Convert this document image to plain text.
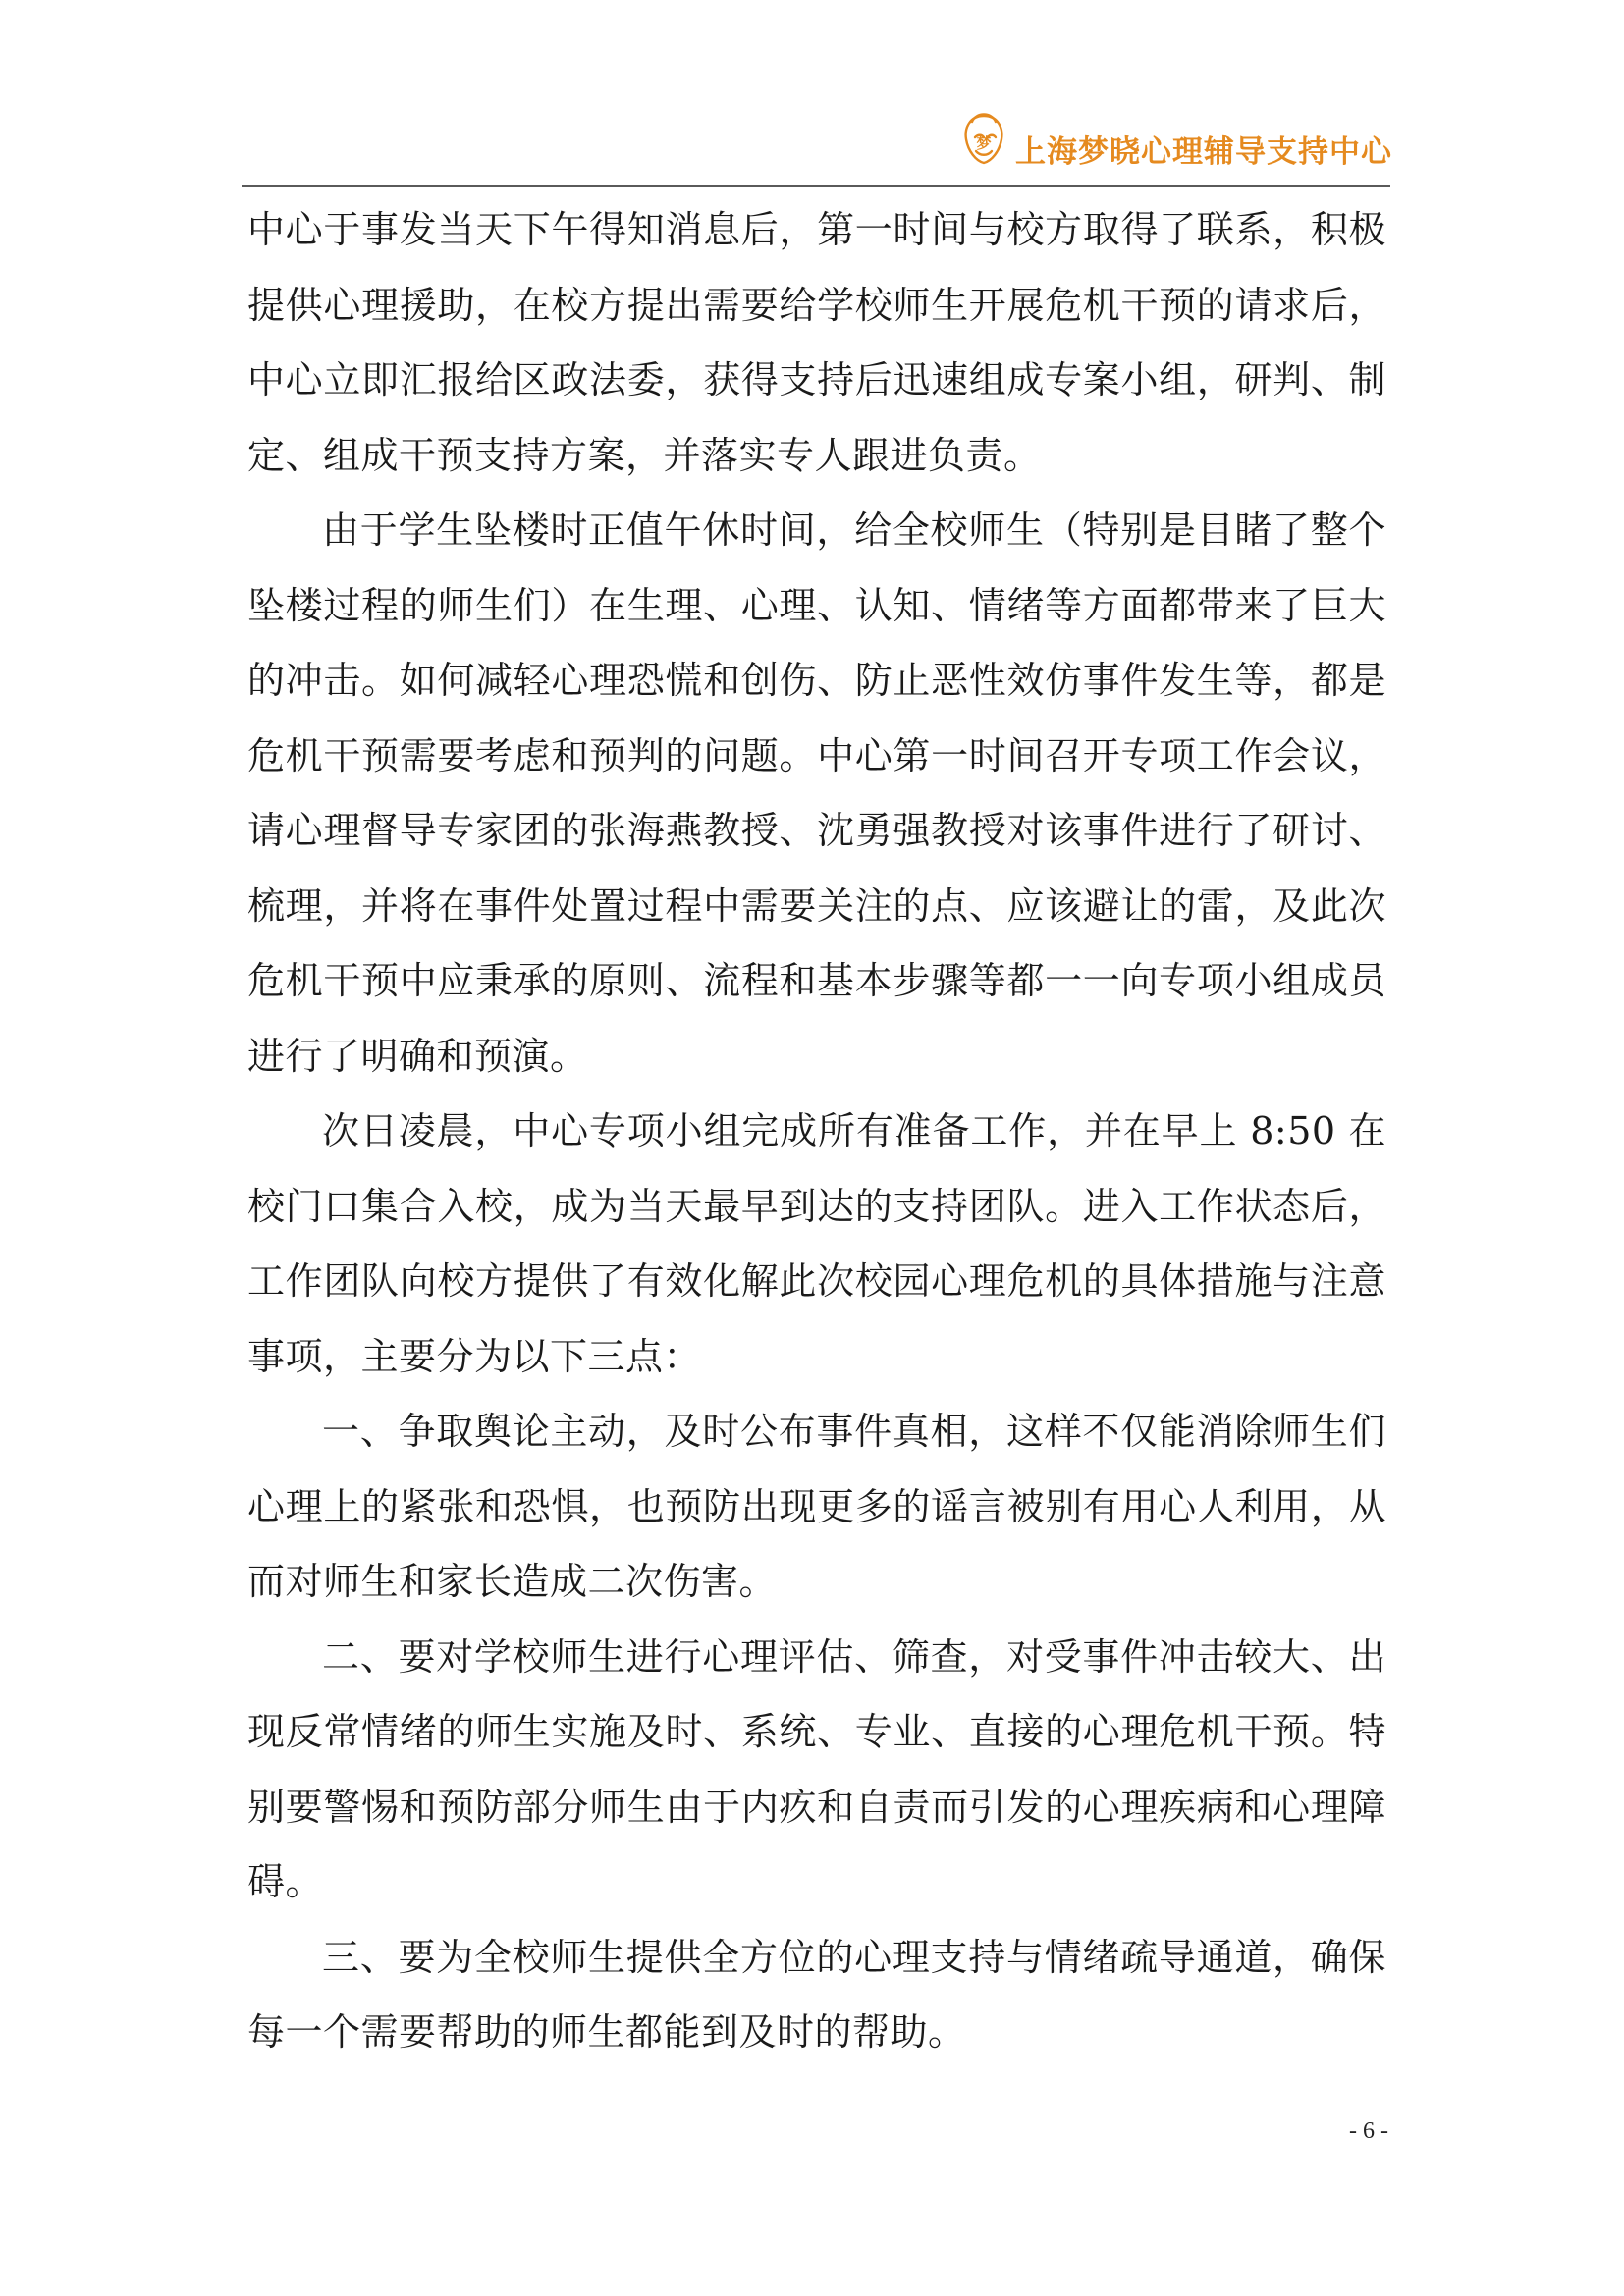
梦 上海梦晓心理辅导支持中心

中心于事发当天下午得知消息后，第一时间与校方取得了联系，积极提供心理援助，在校方提出需要给学校师生开展危机干预的请求后，中心立即汇报给区政法委，获得支持后迅速组成专案小组，研判、制定、组成干预支持方案，并落实专人跟进负责。

由于学生坠楼时正值午休时间，给全校师生（特别是目睹了整个坠楼过程的师生们）在生理、心理、认知、情绪等方面都带来了巨大的冲击。如何减轻心理恐慌和创伤、防止恶性效仿事件发生等，都是危机干预需要考虑和预判的问题。中心第一时间召开专项工作会议，请心理督导专家团的张海燕教授、沈勇强教授对该事件进行了研讨、梳理，并将在事件处置过程中需要关注的点、应该避让的雷，及此次危机干预中应秉承的原则、流程和基本步骤等都一一向专项小组成员进行了明确和预演。

次日凌晨，中心专项小组完成所有准备工作，并在早上 8:50 在校门口集合入校，成为当天最早到达的支持团队。进入工作状态后，工作团队向校方提供了有效化解此次校园心理危机的具体措施与注意事项，主要分为以下三点：

一、争取舆论主动，及时公布事件真相，这样不仅能消除师生们心理上的紧张和恐惧，也预防出现更多的谣言被别有用心人利用，从而对师生和家长造成二次伤害。

二、要对学校师生进行心理评估、筛查，对受事件冲击较大、出现反常情绪的师生实施及时、系统、专业、直接的心理危机干预。特别要警惕和预防部分师生由于内疚和自责而引发的心理疾病和心理障碍。

三、要为全校师生提供全方位的心理支持与情绪疏导通道，确保每一个需要帮助的师生都能到及时的帮助。

- 6 -
